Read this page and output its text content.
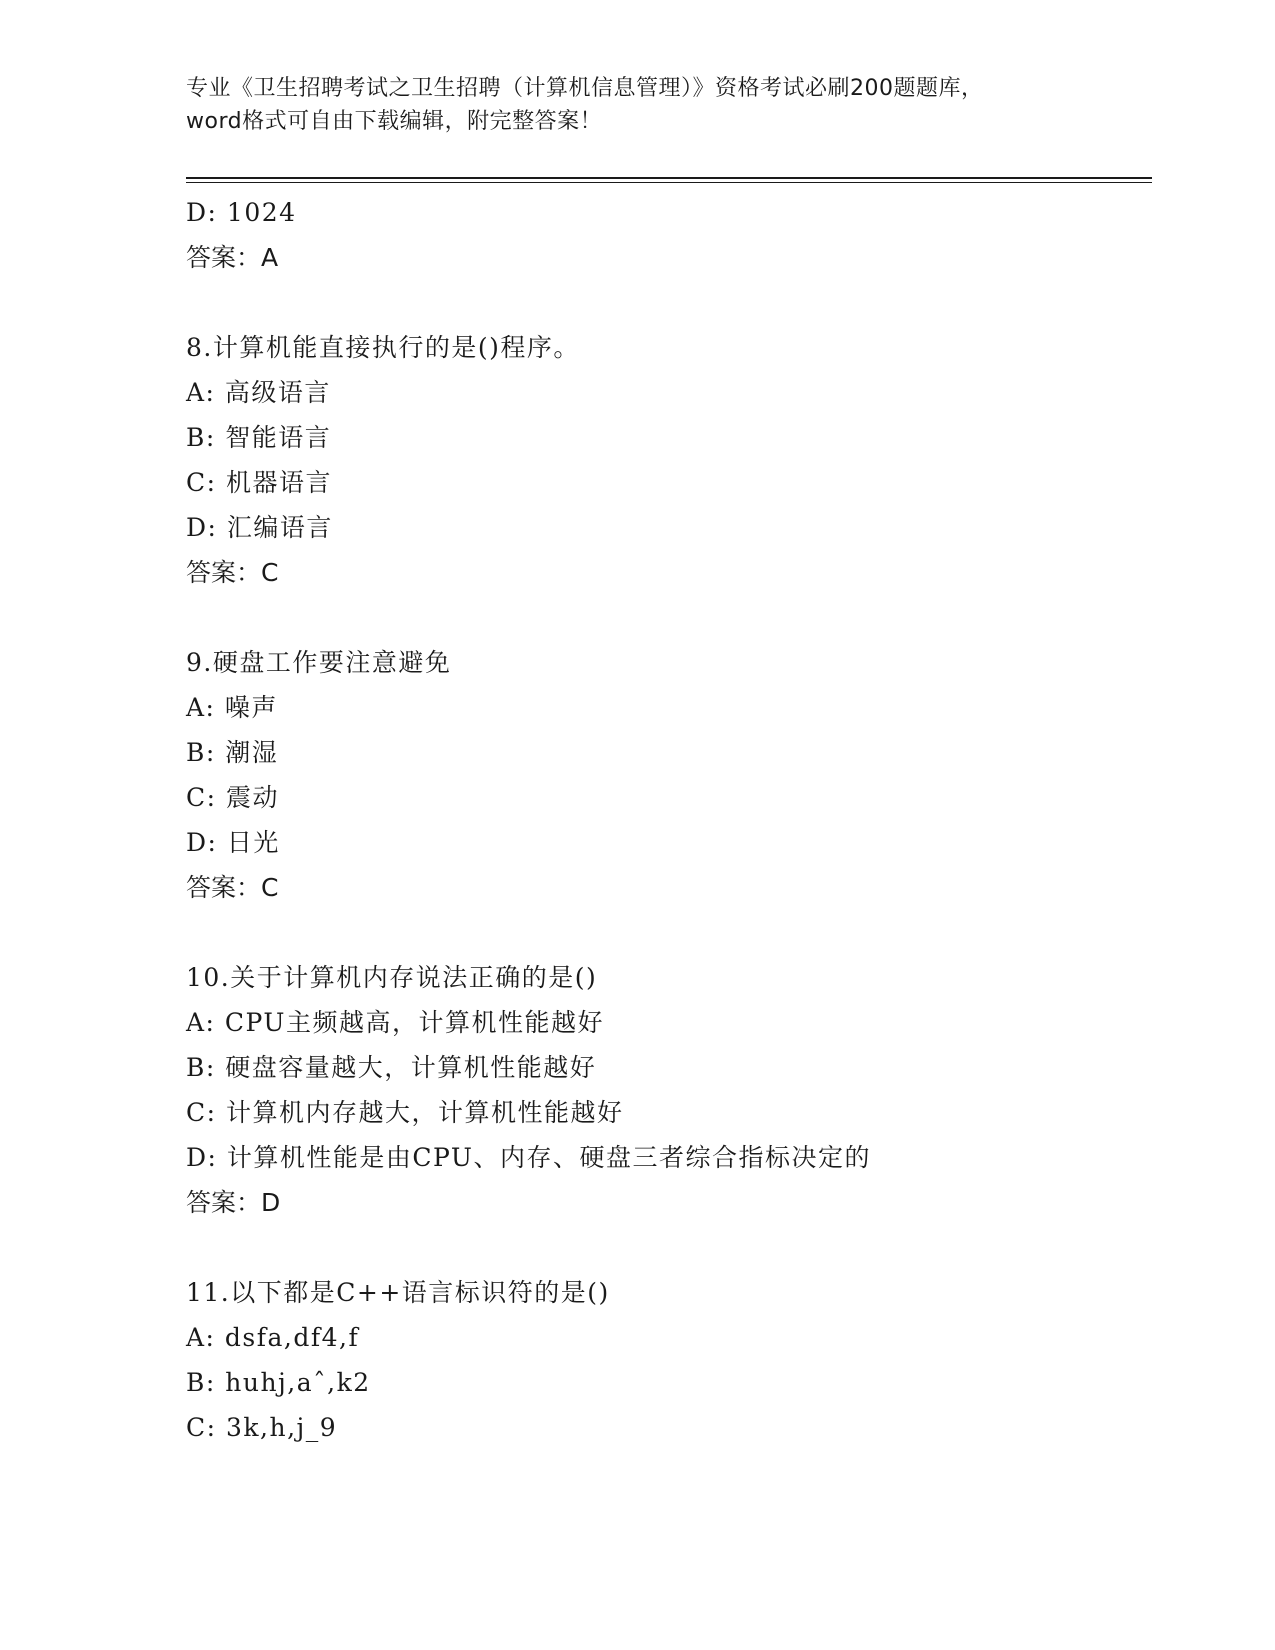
专业《卫生招聘考试之卫生招聘（计算机信息管理）》资格考试必刷200题题库，
word格式可自由下载编辑，附完整答案！
D: 1024
答案：A
8.计算机能直接执行的是()程序。
A: 高级语言
B: 智能语言
C: 机器语言
D: 汇编语言
答案：C
9.硬盘工作要注意避免
A: 噪声
B: 潮湿
C: 震动
D: 日光
答案：C
10.关于计算机内存说法正确的是()
A: CPU主频越高，计算机性能越好
B: 硬盘容量越大，计算机性能越好
C: 计算机内存越大，计算机性能越好
D: 计算机性能是由CPU、内存、硬盘三者综合指标决定的
答案：D
11.以下都是C++语言标识符的是()
A: dsfa,df4,f
B: huhj,aˆ,k2
C: 3k,h,j_9
